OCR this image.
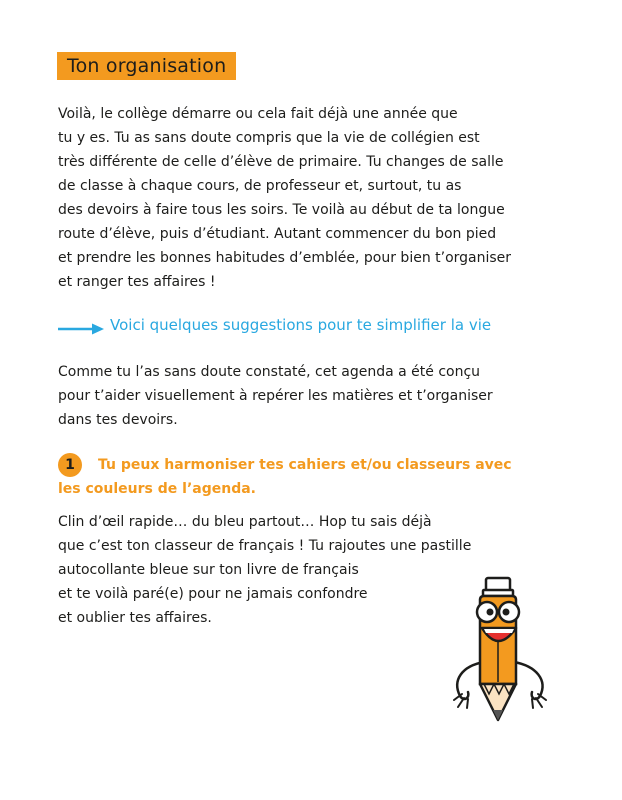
Ton organisation

Voilà, le collège démarre ou cela fait déjà une année que
tu y es. Tu as sans doute compris que la vie de collégien est
très différente de celle d’élève de primaire. Tu changes de salle
de classe à chaque cours, de professeur et, surtout, tu as
des devoirs à faire tous les soirs. Te voilà au début de ta longue
route d’élève, puis d’étudiant. Autant commencer du bon pied
et prendre les bonnes habitudes d’emblée, pour bien t’organiser
et ranger tes affaires !

Voici quelques suggestions pour te simplifier la vie

Comme tu l’as sans doute constaté, cet agenda a été conçu
pour t’aider visuellement à repérer les matières et t’organiser
dans tes devoirs.

1	Tu peux harmoniser tes cahiers et/ou classeurs avec
les couleurs de l’agenda.

Clin d’œil rapide… du bleu partout… Hop tu sais déjà
que c’est ton classeur de français ! Tu rajoutes une pastille
autocollante bleue sur ton livre de français
et te voilà paré(e) pour ne jamais confondre
et oublier tes affaires.
